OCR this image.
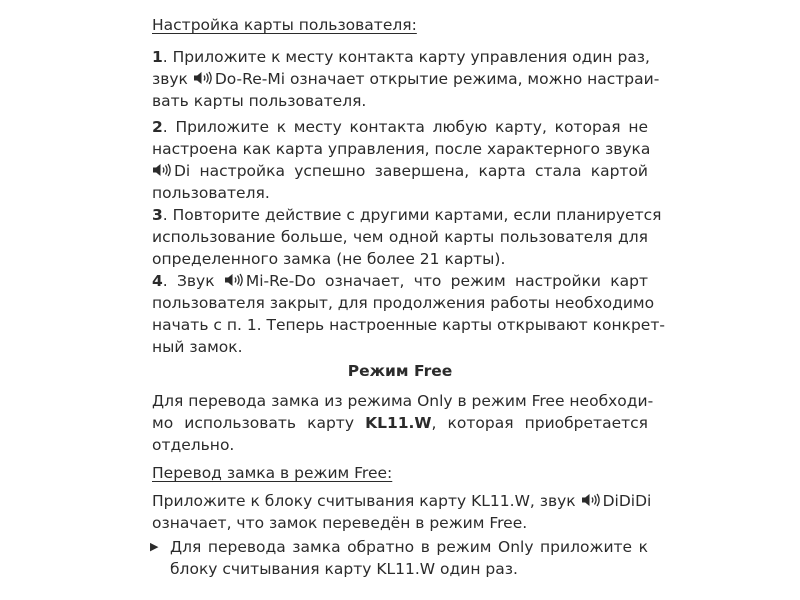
Настройка карты пользователя:
1. Приложите к месту контакта карту управления один раз,
звук Do-Re-Mi означает открытие режима, можно настраи-
вать карты пользователя.
2. Приложите к месту контакта любую карту, которая не
настроена как карта управления, после характерного звука
Di настройка успешно завершена, карта стала картой
пользователя.
3. Повторите действие с другими картами, если планируется
использование больше, чем одной карты пользователя для
определенного замка (не более 21 карты).
4. Звук Mi-Re-Do означает, что режим настройки карт
пользователя закрыт, для продолжения работы необходимо
начать с п. 1. Теперь настроенные карты открывают конкрет-
ный замок.
Режим Free
Для перевода замка из режима Only в режим Free необходи-
мо использовать карту KL11.W, которая приобретается
отдельно.
Перевод замка в режим Free:
Приложите к блоку считывания карту KL11.W, звук DiDiDi
означает, что замок переведён в режим Free.
▶ Для перевода замка обратно в режим Only приложите к
блоку считывания карту KL11.W один раз.
